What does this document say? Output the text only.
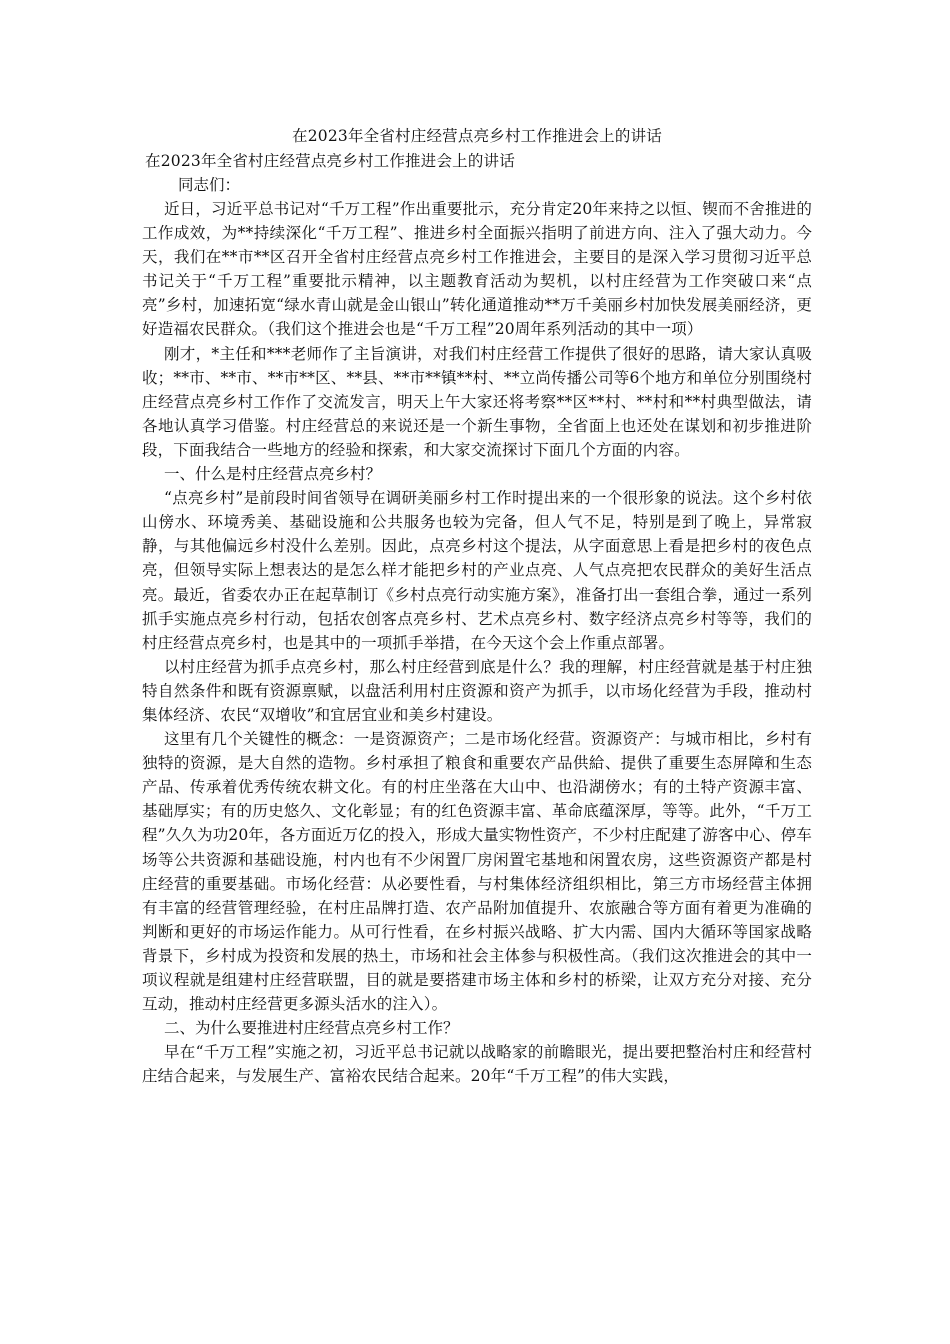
在2023年全省村庄经营点亮乡村工作推进会上的讲话

在2023年全省村庄经营点亮乡村工作推进会上的讲话

同志们：

近日，习近平总书记对“千万工程”作出重要批示，充分肯定20年来持之以恒、锲而不舍推进的工作成效，为**持续深化“千万工程”、推进乡村全面振兴指明了前进方向、注入了强大动力。今天，我们在**市**区召开全省村庄经营点亮乡村工作推进会，主要目的是深入学习贯彻习近平总书记关于“千万工程”重要批示精神，以主题教育活动为契机，以村庄经营为工作突破口来“点亮”乡村，加速拓宽“绿水青山就是金山银山”转化通道推动**万千美丽乡村加快发展美丽经济，更好造福农民群众。（我们这个推进会也是“千万工程”20周年系列活动的其中一项）

刚才，*主任和***老师作了主旨演讲，对我们村庄经营工作提供了很好的思路，请大家认真吸收；**市、**市、**市**区、**县、**市**镇**村、**立尚传播公司等6个地方和单位分别围绕村庄经营点亮乡村工作作了交流发言，明天上午大家还将考察**区**村、**村和**村典型做法，请各地认真学习借鉴。村庄经营总的来说还是一个新生事物，全省面上也还处在谋划和初步推进阶段，下面我结合一些地方的经验和探索，和大家交流探讨下面几个方面的内容。

一、什么是村庄经营点亮乡村？

“点亮乡村”是前段时间省领导在调研美丽乡村工作时提出来的一个很形象的说法。这个乡村依山傍水、环境秀美、基础设施和公共服务也较为完备，但人气不足，特别是到了晚上，异常寂静，与其他偏远乡村没什么差别。因此，点亮乡村这个提法，从字面意思上看是把乡村的夜色点亮，但领导实际上想表达的是怎么样才能把乡村的产业点亮、人气点亮把农民群众的美好生活点亮。最近，省委农办正在起草制订《乡村点亮行动实施方案》，准备打出一套组合拳，通过一系列抓手实施点亮乡村行动，包括农创客点亮乡村、艺术点亮乡村、数字经济点亮乡村等等，我们的村庄经营点亮乡村，也是其中的一项抓手举措，在今天这个会上作重点部署。

以村庄经营为抓手点亮乡村，那么村庄经营到底是什么？我的理解，村庄经营就是基于村庄独特自然条件和既有资源禀赋，以盘活利用村庄资源和资产为抓手，以市场化经营为手段，推动村集体经济、农民“双增收”和宜居宜业和美乡村建设。

这里有几个关键性的概念：一是资源资产；二是市场化经营。资源资产：与城市相比，乡村有独特的资源，是大自然的造物。乡村承担了粮食和重要农产品供給、提供了重要生态屏障和生态产品、传承着优秀传统农耕文化。有的村庄坐落在大山中、也沿湖傍水；有的土特产资源丰富、基础厚实；有的历史悠久、文化彰显；有的红色资源丰富、革命底蕴深厚，等等。此外，“千万工程”久久为功20年，各方面近万亿的投入，形成大量实物性资产，不少村庄配建了游客中心、停车场等公共资源和基础设施，村内也有不少闲置厂房闲置宅基地和闲置农房，这些资源资产都是村庄经营的重要基础。市场化经营：从必要性看，与村集体经济组织相比，第三方市场经营主体拥有丰富的经营管理经验，在村庄品牌打造、农产品附加值提升、农旅融合等方面有着更为准确的判断和更好的市场运作能力。从可行性看，在乡村振兴战略、扩大内需、国内大循环等国家战略背景下，乡村成为投资和发展的热土，市场和社会主体参与积极性高。（我们这次推进会的其中一项议程就是组建村庄经营联盟，目的就是要搭建市场主体和乡村的桥梁，让双方充分对接、充分互动，推动村庄经营更多源头活水的注入）。

二、为什么要推进村庄经营点亮乡村工作？

早在“千万工程”实施之初，习近平总书记就以战略家的前瞻眼光，提出要把整治村庄和经营村庄结合起来，与发展生产、富裕农民结合起来。20年“千万工程”的伟大实践，
